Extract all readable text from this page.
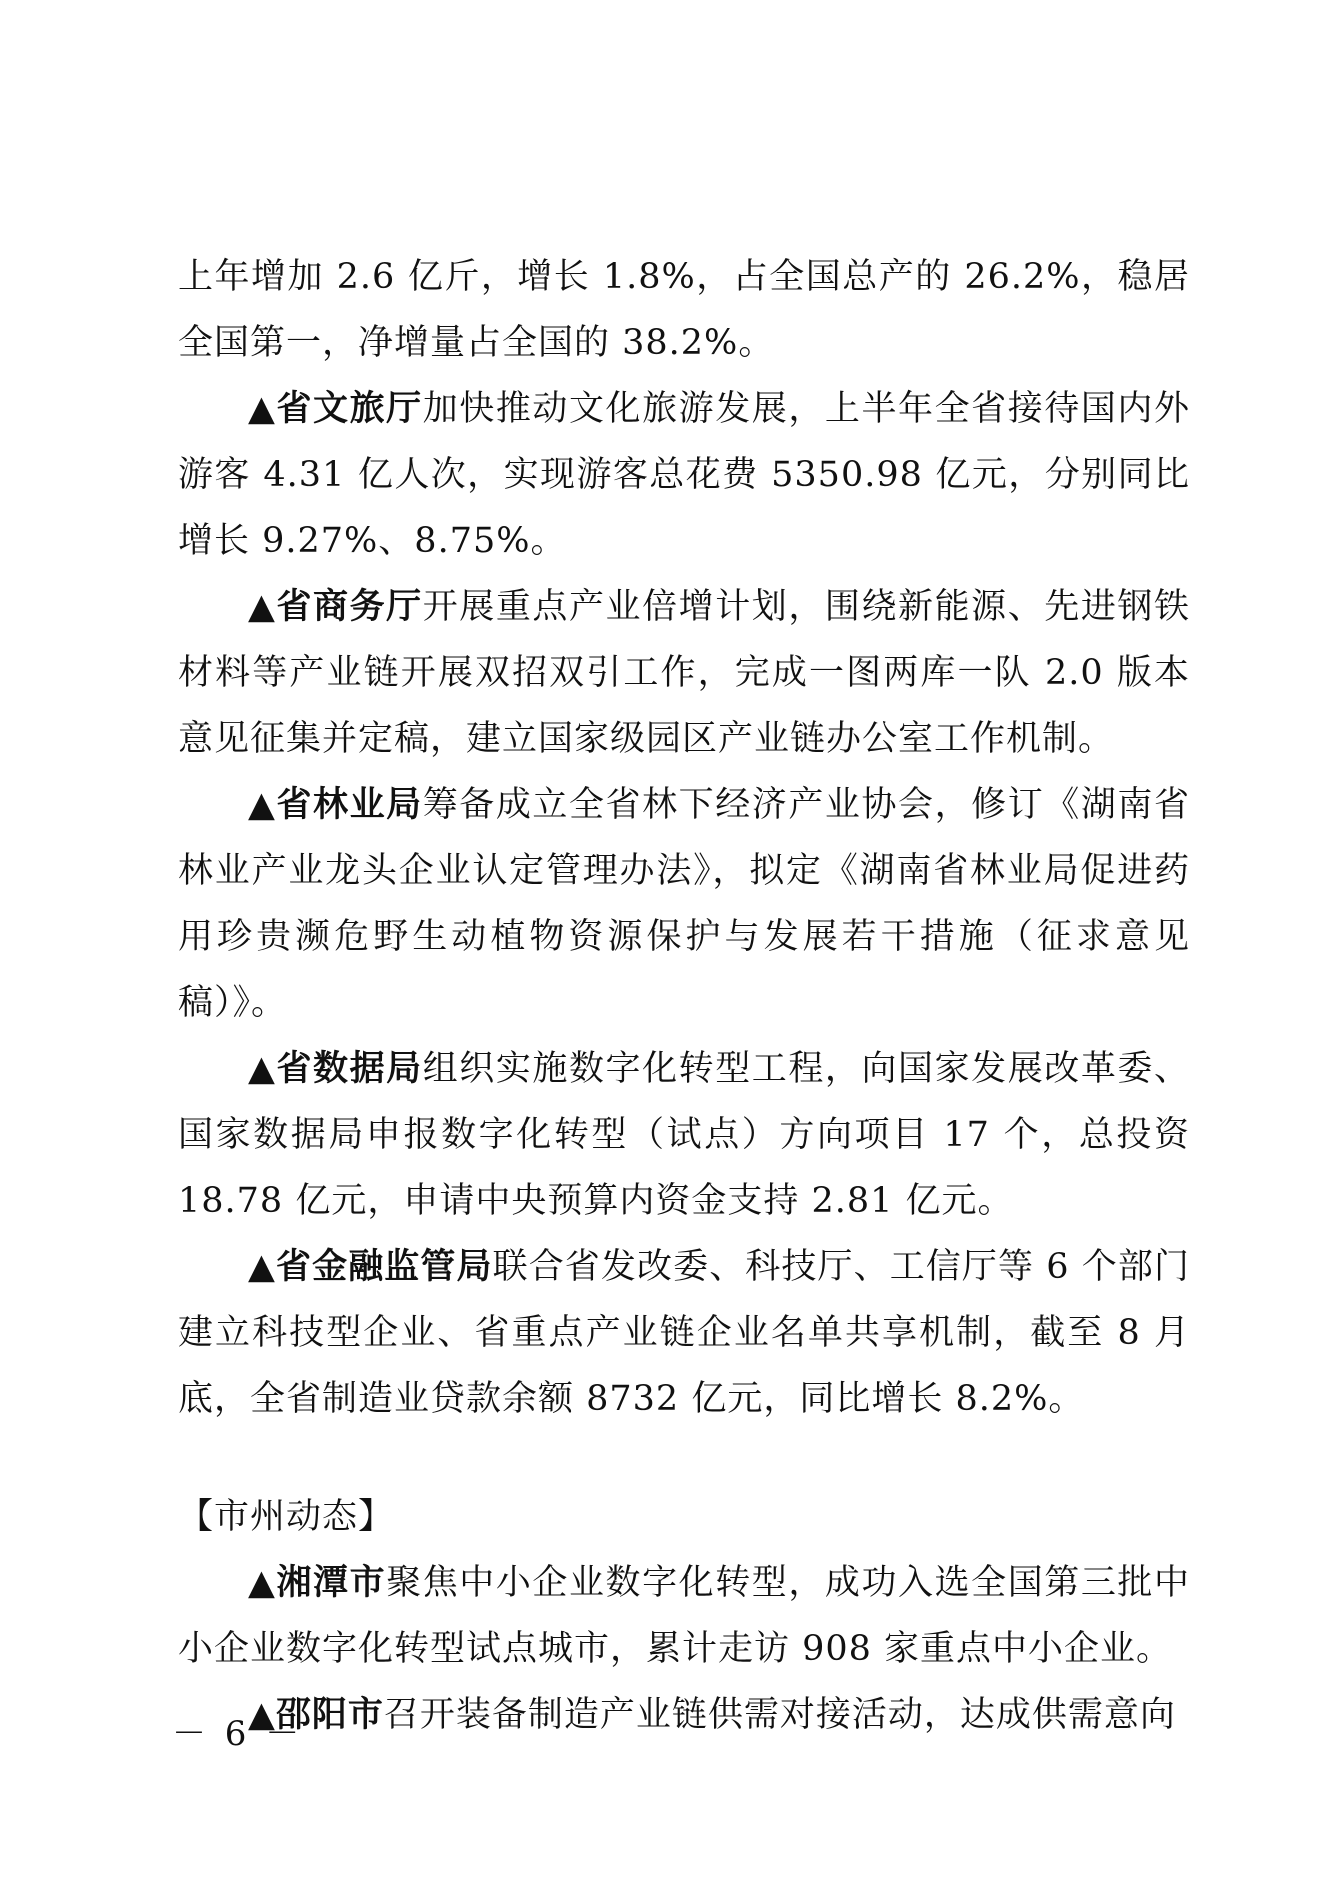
上年增加 2.6 亿斤，增长 1.8%，占全国总产的 26.2%，稳居全国第一，净增量占全国的 38.2%。

▲省文旅厅加快推动文化旅游发展，上半年全省接待国内外游客 4.31 亿人次，实现游客总花费 5350.98 亿元，分别同比增长 9.27%、8.75%。

▲省商务厅开展重点产业倍增计划，围绕新能源、先进钢铁材料等产业链开展双招双引工作，完成一图两库一队 2.0 版本意见征集并定稿，建立国家级园区产业链办公室工作机制。

▲省林业局筹备成立全省林下经济产业协会，修订《湖南省林业产业龙头企业认定管理办法》，拟定《湖南省林业局促进药用珍贵濒危野生动植物资源保护与发展若干措施（征求意见稿）》。

▲省数据局组织实施数字化转型工程，向国家发展改革委、国家数据局申报数字化转型（试点）方向项目 17 个，总投资 18.78 亿元，申请中央预算内资金支持 2.81 亿元。

▲省金融监管局联合省发改委、科技厅、工信厅等 6 个部门建立科技型企业、省重点产业链企业名单共享机制，截至 8 月底，全省制造业贷款余额 8732 亿元，同比增长 8.2%。

【市州动态】

▲湘潭市聚焦中小企业数字化转型，成功入选全国第三批中小企业数字化转型试点城市，累计走访 908 家重点中小企业。

▲邵阳市召开装备制造产业链供需对接活动，达成供需意向

－ 6 －
